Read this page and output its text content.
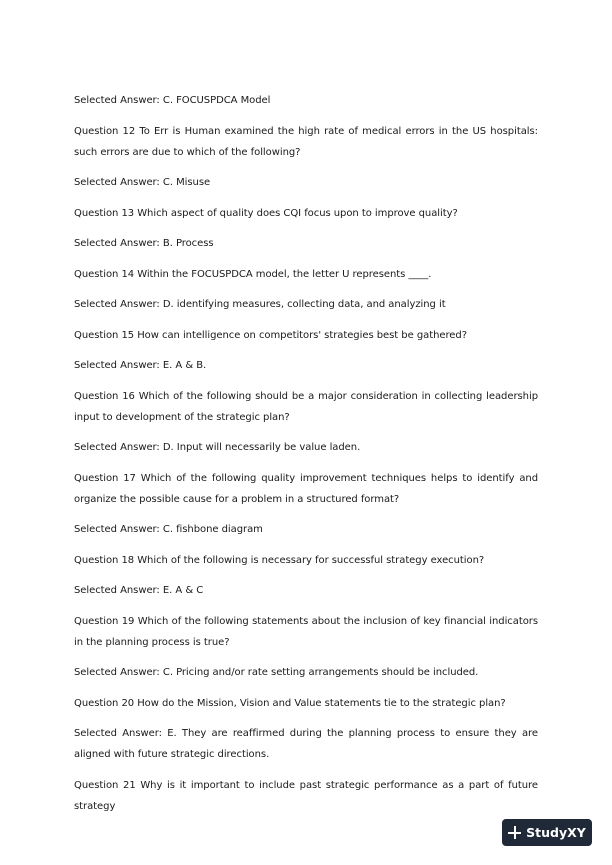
Selected Answer: C. FOCUSPDCA Model

Question 12 To Err is Human examined the high rate of medical errors in the US hospitals: such errors are due to which of the following?

Selected Answer: C. Misuse

Question 13 Which aspect of quality does CQI focus upon to improve quality?

Selected Answer: B. Process

Question 14 Within the FOCUSPDCA model, the letter U represents ____.

Selected Answer: D. identifying measures, collecting data, and analyzing it

Question 15 How can intelligence on competitors' strategies best be gathered?

Selected Answer: E. A & B.

Question 16 Which of the following should be a major consideration in collecting leadership input to development of the strategic plan?

Selected Answer: D. Input will necessarily be value laden.

Question 17 Which of the following quality improvement techniques helps to identify and organize the possible cause for a problem in a structured format?

Selected Answer: C. fishbone diagram

Question 18 Which of the following is necessary for successful strategy execution?

Selected Answer: E. A & C

Question 19 Which of the following statements about the inclusion of key financial indicators in the planning process is true?

Selected Answer: C. Pricing and/or rate setting arrangements should be included.

Question 20 How do the Mission, Vision and Value statements tie to the strategic plan?

Selected Answer: E. They are reaffirmed during the planning process to ensure they are aligned with future strategic directions.

Question 21 Why is it important to include past strategic performance as a part of future strategy

StudyXY
